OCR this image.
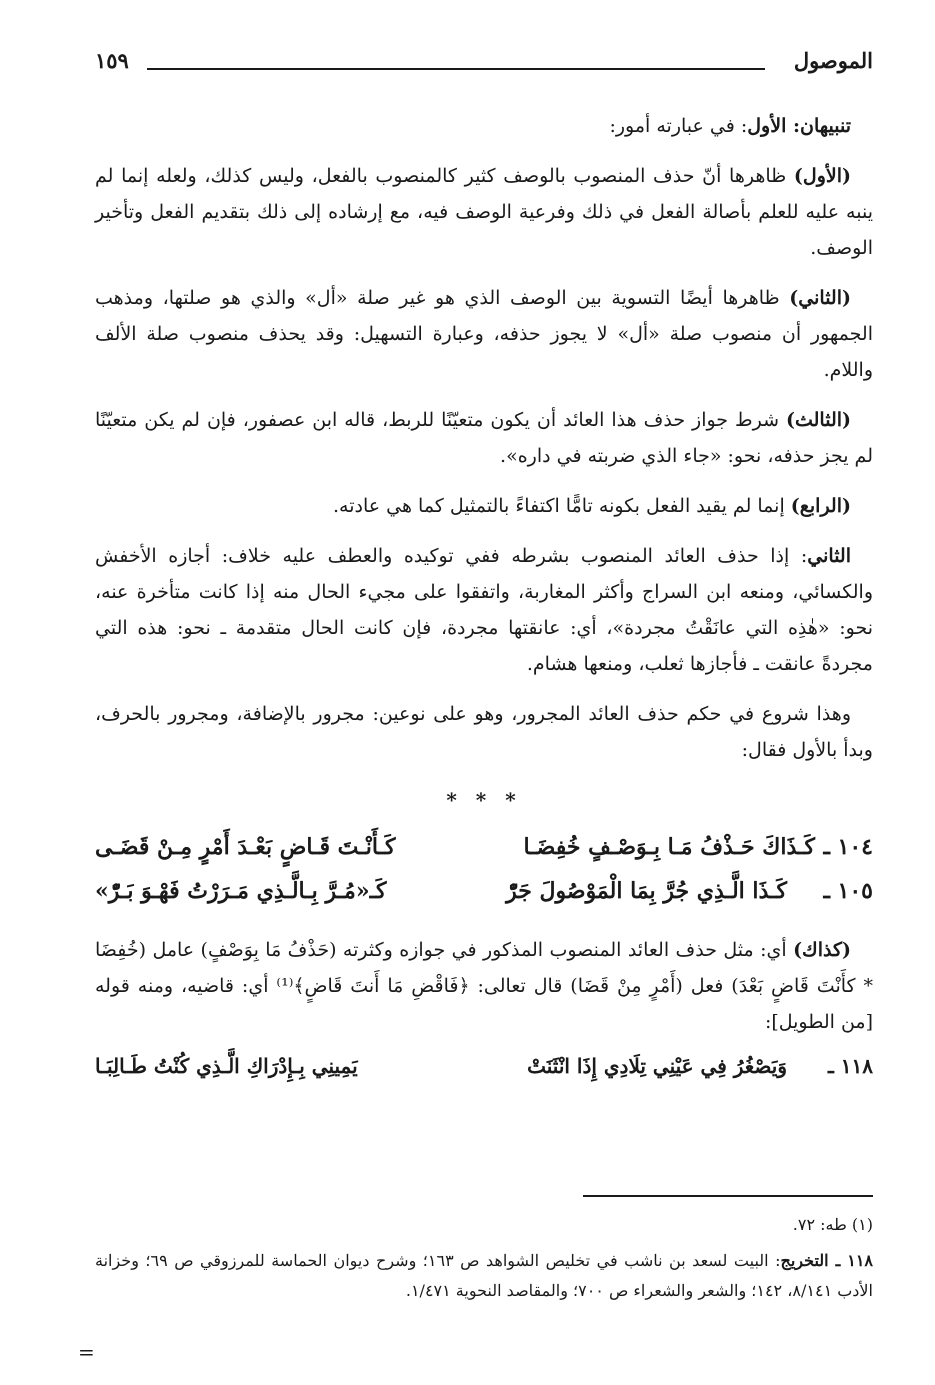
الموصول
١٥٩

تنبيهان: الأول: في عبارته أمور:

(الأول) ظاهرها أنّ حذف المنصوب بالوصف كثير كالمنصوب بالفعل، وليس كذلك، ولعله إنما لم ينبه عليه للعلم بأصالة الفعل في ذلك وفرعية الوصف فيه، مع إرشاده إلى ذلك بتقديم الفعل وتأخير الوصف.

(الثاني) ظاهرها أيضًا التسوية بين الوصف الذي هو غير صلة «أل» والذي هو صلتها، ومذهب الجمهور أن منصوب صلة «أل» لا يجوز حذفه، وعبارة التسهيل: وقد يحذف منصوب صلة الألف واللام.

(الثالث) شرط جواز حذف هذا العائد أن يكون متعيّنًا للربط، قاله ابن عصفور، فإن لم يكن متعيّنًا لم يجز حذفه، نحو: «جاء الذي ضربته في داره».

(الرابع) إنما لم يقيد الفعل بكونه تامًّا اكتفاءً بالتمثيل كما هي عادته.

الثاني: إذا حذف العائد المنصوب بشرطه ففي توكيده والعطف عليه خلاف: أجازه الأخفش والكسائي، ومنعه ابن السراج وأكثر المغاربة، واتفقوا على مجيء الحال منه إذا كانت متأخرة عنه، نحو: «هٰذِه التي عانَقْتُ مجردة»، أي: عانقتها مجردة، فإن كانت الحال متقدمة ـ نحو: هذه التي مجردةً عانقت ـ فأجازها ثعلب، ومنعها هشام.

وهذا شروع في حكم حذف العائد المجرور، وهو على نوعين: مجرور بالإضافة، ومجرور بالحرف، وبدأ بالأول فقال:

* * *
١٠٤ ـ
كَـذَاكَ حَـذْفُ مَـا بِـوَصْـفٍ خُفِضَـا
كَـأَنْـتَ قَـاضٍ بَعْـدَ أَمْرٍ مِـنْ قَضَـى
١٠٥ ـ
كَـذَا الَّـذِي جُرَّ بِمَا الْمَوْصُولَ جَرّْ
كَـ«مُـرَّ بِـالَّـذِي مَـرَرْتُ فَهْـوَ بَـرّْ»

(كذاك) أي: مثل حذف العائد المنصوب المذكور في جوازه وكثرته (حَذْفُ مَا بِوَصْفٍ) عامل (خُفِضَا * كأَنْتَ قَاضٍ بَعْدَ) فعل (أَمْرٍ مِنْ قَضَا) قال تعالى: ﴿فَاقْضِ مَا أَنتَ قَاضٍ﴾⁽¹⁾ أي: قاضيه، ومنه قوله [من الطويل]:

١١٨ ـ
وَيَصْغُرُ فِي عَيْنِي تِلَادِي إِذَا انْثَنَتْ
يَمِينِي بِـإِدْرَاكِ الَّـذِي كُنْتُ طَـالِبَـا

(١) طه: ٧٢.

١١٨ ـ التخريج: البيت لسعد بن ناشب في تخليص الشواهد ص ١٦٣؛ وشرح ديوان الحماسة للمرزوقي ص ٦٩؛ وخزانة الأدب ٨/١٤١، ١٤٢؛ والشعر والشعراء ص ٧٠٠؛ والمقاصد النحوية ١/٤٧١.

=
